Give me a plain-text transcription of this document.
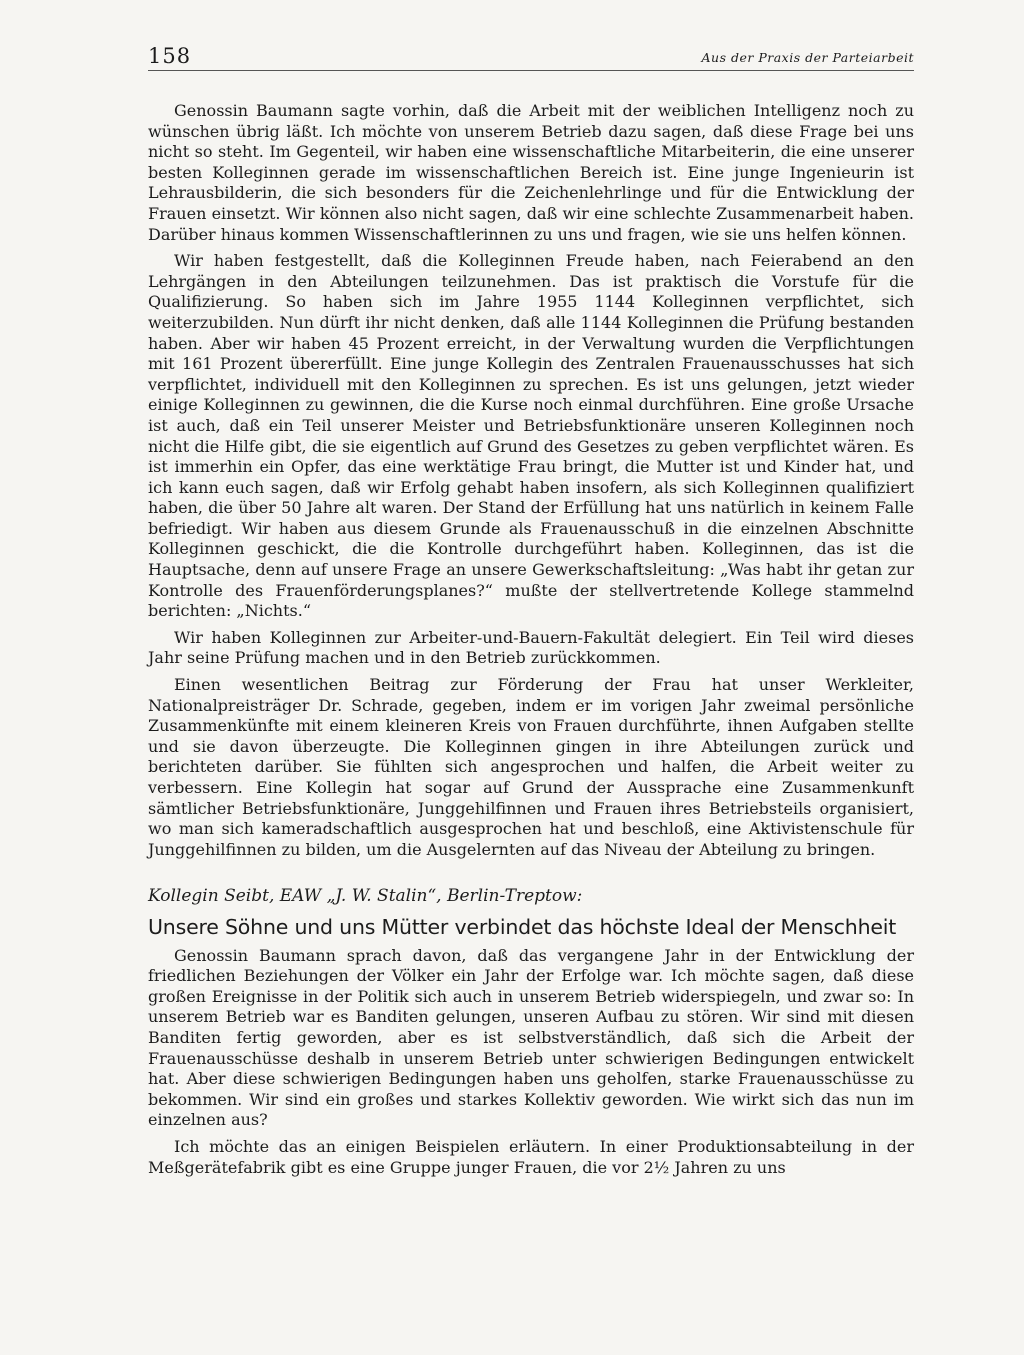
158	Aus der Praxis der Parteiarbeit

Genossin Baumann sagte vorhin, daß die Arbeit mit der weiblichen Intelligenz noch zu wünschen übrig läßt. Ich möchte von unserem Betrieb dazu sagen, daß diese Frage bei uns nicht so steht. Im Gegenteil, wir haben eine wissenschaftliche Mitarbeiterin, die eine unserer besten Kolleginnen gerade im wissenschaftlichen Bereich ist. Eine junge Ingenieurin ist Lehrausbilderin, die sich besonders für die Zeichenlehrlinge und für die Entwicklung der Frauen einsetzt. Wir können also nicht sagen, daß wir eine schlechte Zusammenarbeit haben. Darüber hinaus kommen Wissenschaftlerinnen zu uns und fragen, wie sie uns helfen können.

Wir haben festgestellt, daß die Kolleginnen Freude haben, nach Feierabend an den Lehrgängen in den Abteilungen teilzunehmen. Das ist praktisch die Vorstufe für die Qualifizierung. So haben sich im Jahre 1955 1144 Kolleginnen verpflichtet, sich weiterzubilden. Nun dürft ihr nicht denken, daß alle 1144 Kolleginnen die Prüfung bestanden haben. Aber wir haben 45 Prozent erreicht, in der Verwaltung wurden die Verpflichtungen mit 161 Prozent übererfüllt. Eine junge Kollegin des Zentralen Frauenausschusses hat sich verpflichtet, individuell mit den Kolleginnen zu sprechen. Es ist uns gelungen, jetzt wieder einige Kolleginnen zu gewinnen, die die Kurse noch einmal durchführen. Eine große Ursache ist auch, daß ein Teil unserer Meister und Betriebsfunktionäre unseren Kolleginnen noch nicht die Hilfe gibt, die sie eigentlich auf Grund des Gesetzes zu geben verpflichtet wären. Es ist immerhin ein Opfer, das eine werktätige Frau bringt, die Mutter ist und Kinder hat, und ich kann euch sagen, daß wir Erfolg gehabt haben insofern, als sich Kolleginnen qualifiziert haben, die über 50 Jahre alt waren. Der Stand der Erfüllung hat uns natürlich in keinem Falle befriedigt. Wir haben aus diesem Grunde als Frauenausschuß in die einzelnen Abschnitte Kolleginnen geschickt, die die Kontrolle durchgeführt haben. Kolleginnen, das ist die Hauptsache, denn auf unsere Frage an unsere Gewerkschaftsleitung: „Was habt ihr getan zur Kontrolle des Frauenförderungsplanes?“ mußte der stellvertretende Kollege stammelnd berichten: „Nichts.“

Wir haben Kolleginnen zur Arbeiter-und-Bauern-Fakultät delegiert. Ein Teil wird dieses Jahr seine Prüfung machen und in den Betrieb zurückkommen.

Einen wesentlichen Beitrag zur Förderung der Frau hat unser Werkleiter, Nationalpreisträger Dr. Schrade, gegeben, indem er im vorigen Jahr zweimal persönliche Zusammenkünfte mit einem kleineren Kreis von Frauen durchführte, ihnen Aufgaben stellte und sie davon überzeugte. Die Kolleginnen gingen in ihre Abteilungen zurück und berichteten darüber. Sie fühlten sich angesprochen und halfen, die Arbeit weiter zu verbessern. Eine Kollegin hat sogar auf Grund der Aussprache eine Zusammenkunft sämtlicher Betriebsfunktionäre, Junggehilfinnen und Frauen ihres Betriebsteils organisiert, wo man sich kameradschaftlich ausgesprochen hat und beschloß, eine Aktivistenschule für Junggehilfinnen zu bilden, um die Ausgelernten auf das Niveau der Abteilung zu bringen.

Kollegin Seibt, EAW „J. W. Stalin“, Berlin-Treptow:
Unsere Söhne und uns Mütter verbindet das höchste Ideal der Menschheit

Genossin Baumann sprach davon, daß das vergangene Jahr in der Entwicklung der friedlichen Beziehungen der Völker ein Jahr der Erfolge war. Ich möchte sagen, daß diese großen Ereignisse in der Politik sich auch in unserem Betrieb widerspiegeln, und zwar so: In unserem Betrieb war es Banditen gelungen, unseren Aufbau zu stören. Wir sind mit diesen Banditen fertig geworden, aber es ist selbstverständlich, daß sich die Arbeit der Frauenausschüsse deshalb in unserem Betrieb unter schwierigen Bedingungen entwickelt hat. Aber diese schwierigen Bedingungen haben uns geholfen, starke Frauenausschüsse zu bekommen. Wir sind ein großes und starkes Kollektiv geworden. Wie wirkt sich das nun im einzelnen aus?

Ich möchte das an einigen Beispielen erläutern. In einer Produktionsabteilung in der Meßgerätefabrik gibt es eine Gruppe junger Frauen, die vor 2½ Jahren zu uns
